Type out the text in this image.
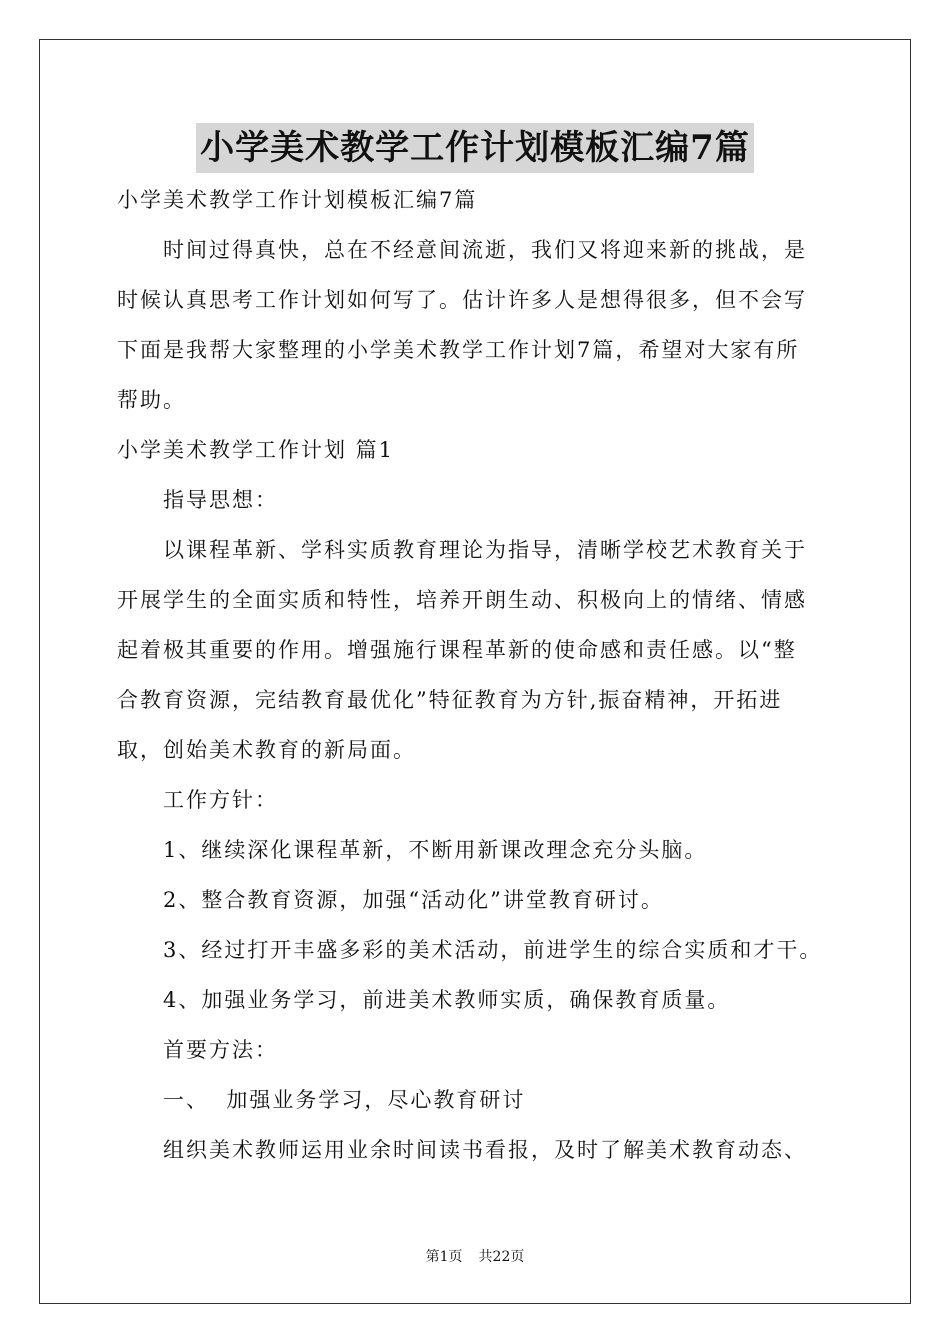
小学美术教学工作计划模板汇编7篇
小学美术教学工作计划模板汇编7篇
时间过得真快，总在不经意间流逝，我们又将迎来新的挑战，是
时候认真思考工作计划如何写了。估计许多人是想得很多，但不会写
下面是我帮大家整理的小学美术教学工作计划7篇，希望对大家有所
帮助。
小学美术教学工作计划 篇1
指导思想：
以课程革新、学科实质教育理论为指导，清晰学校艺术教育关于
开展学生的全面实质和特性，培养开朗生动、积极向上的情绪、情感
起着极其重要的作用。增强施行课程革新的使命感和责任感。以“整
合教育资源，完结教育最优化”特征教育为方针,振奋精神，开拓进
取，创始美术教育的新局面。
工作方针：
1、继续深化课程革新，不断用新课改理念充分头脑。
2、整合教育资源，加强“活动化”讲堂教育研讨。
3、经过打开丰盛多彩的美术活动，前进学生的综合实质和才干。
4、加强业务学习，前进美术教师实质，确保教育质量。
首要方法：
一、  加强业务学习，尽心教育研讨
组织美术教师运用业余时间读书看报，及时了解美术教育动态、
第1页 共22页
